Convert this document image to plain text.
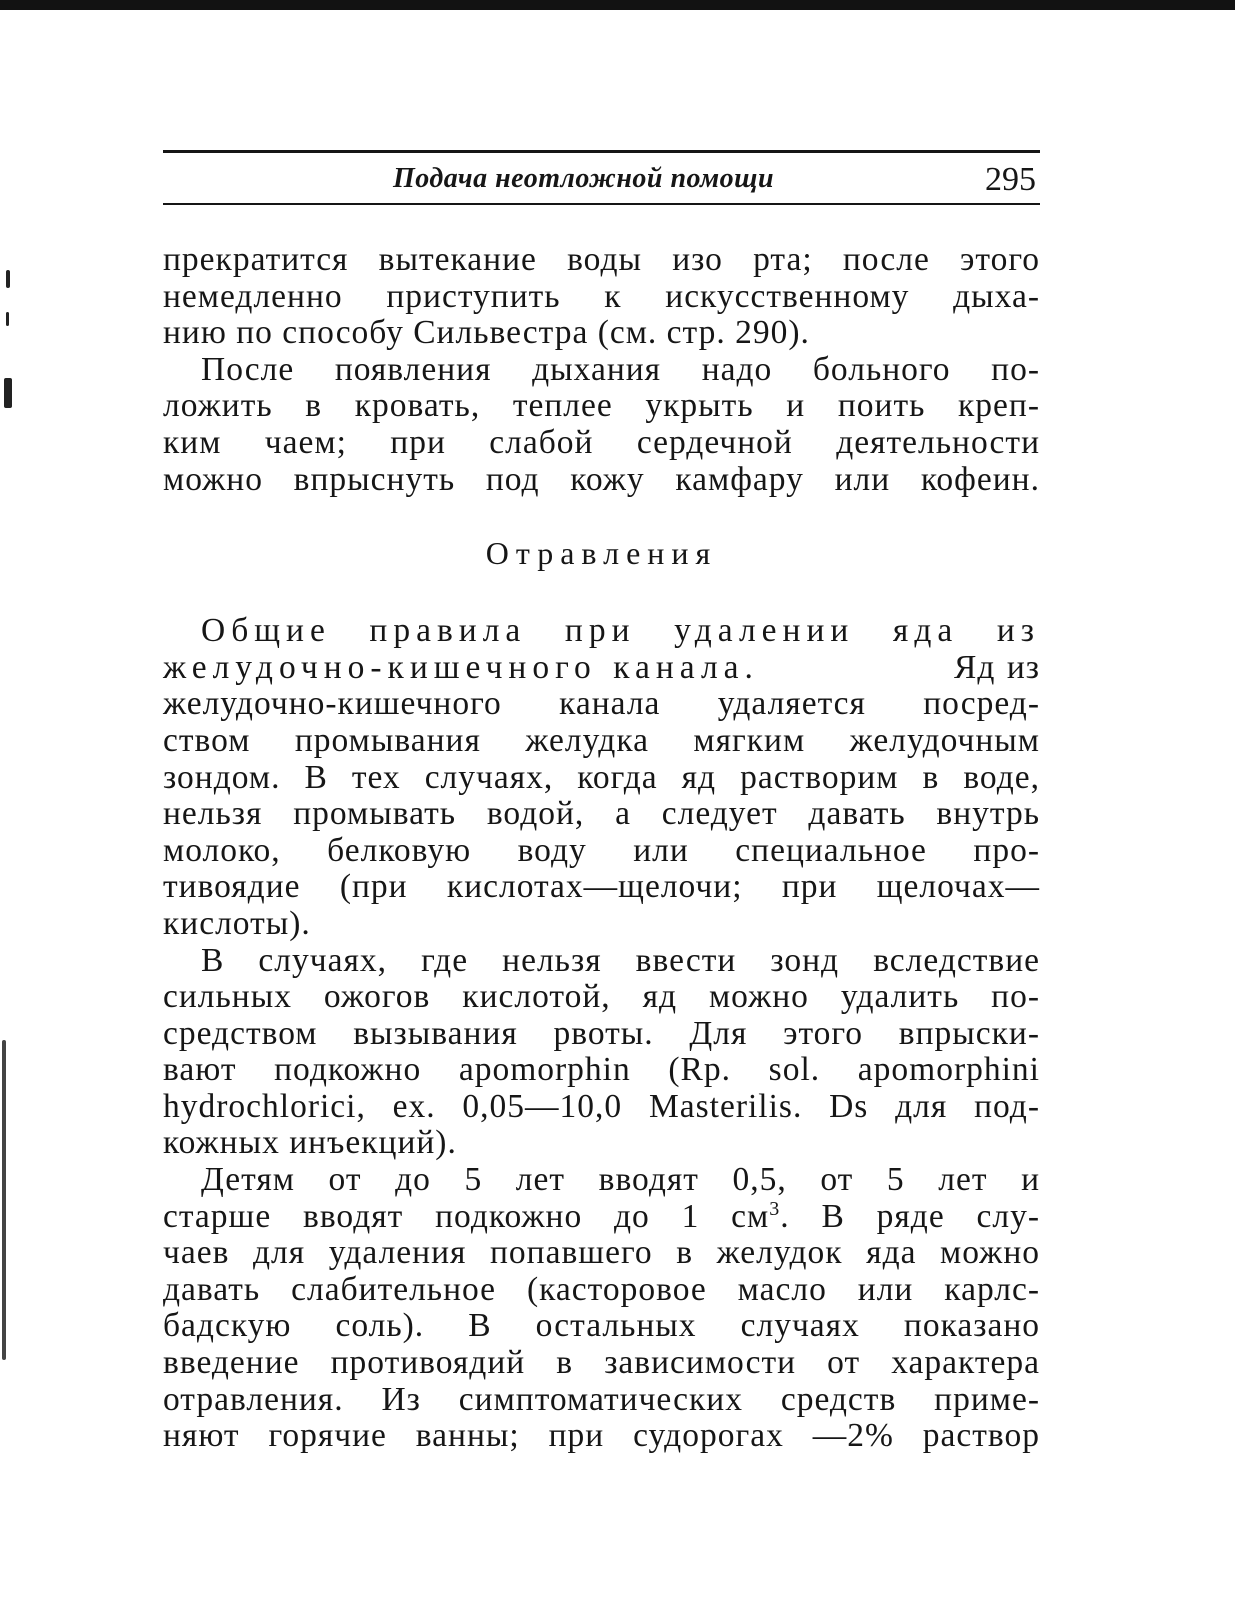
Подача неотложной помощи	295

прекратится вытекание воды изо рта; после этого
немедленно приступить к искусственному дыха-
нию по способу Сильвестра (см. стр. 290).

После появления дыхания надо больного по-
ложить в кровать, теплее укрыть и поить креп-
ким чаем; при слабой сердечной деятельности
можно впрыснуть под кожу камфару или кофеин.

Отравления

Общие правила при удалении яда из
желудочно-кишечного канала.	Яд из
желудочно-кишечного канала удаляется посред-
ством промывания желудка мягким желудочным
зондом. В тех случаях, когда яд растворим в воде,
нельзя промывать водой, а следует давать внутрь
молоко, белковую воду или специальное про-
тивоядие (при кислотах—щелочи; при щелочах—
кислоты).

В случаях, где нельзя ввести зонд вследствие
сильных ожогов кислотой, яд можно удалить по-
средством вызывания рвоты. Для этого впрыски-
вают подкожно apomorphin (Rp. sol. apomorphini
hydrochlorici, ex. 0,05—10,0 Masterilis. Ds для под-
кожных инъекций).

Детям от до 5 лет вводят 0,5, от 5 лет и
старше вводят подкожно до 1 $см^3$. В ряде слу-
чаев для удаления попавшего в желудок яда можно
давать слабительное (касторовое масло или карлс-
бадскую соль). В остальных случаях показано
введение противоядий в зависимости от характера
отравления. Из симптоматических средств приме-
няют горячие ванны; при судорогах —2% раствор
